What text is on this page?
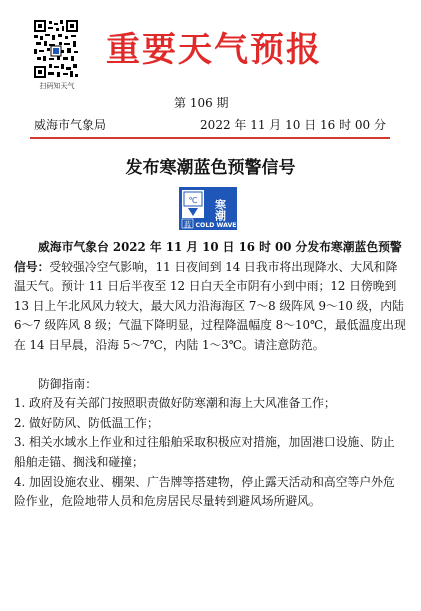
扫码知天气
重要天气预报
第 106 期
威海市气象局	2022 年 11 月 10 日 16 时 00 分
发布寒潮蓝色预警信号
℃ 寒潮
蓝 COLD WAVE

威海市气象台 2022 年 11 月 10 日 16 时 00 分发布寒潮蓝色预警信号：受较强冷空气影响，11 日夜间到 14 日我市将出现降水、大风和降温天气。预计 11 日后半夜至 12 日白天全市阴有小到中雨；12 日傍晚到 13 日上午北风风力较大，最大风力沿海海区 7～8 级阵风 9～10 级，内陆 6～7 级阵风 8 级；气温下降明显，过程降温幅度 8～10℃，最低温度出现在 14 日早晨，沿海 5～7℃，内陆 1～3℃。请注意防范。

防御指南：

1. 政府及有关部门按照职责做好防寒潮和海上大风准备工作；

2. 做好防风、防低温工作；

3. 相关水域水上作业和过往船舶采取积极应对措施，加固港口设施、防止船舶走锚、搁浅和碰撞；

4. 加固设施农业、棚架、广告牌等搭建物，停止露天活动和高空等户外危险作业，危险地带人员和危房居民尽量转到避风场所避风。
